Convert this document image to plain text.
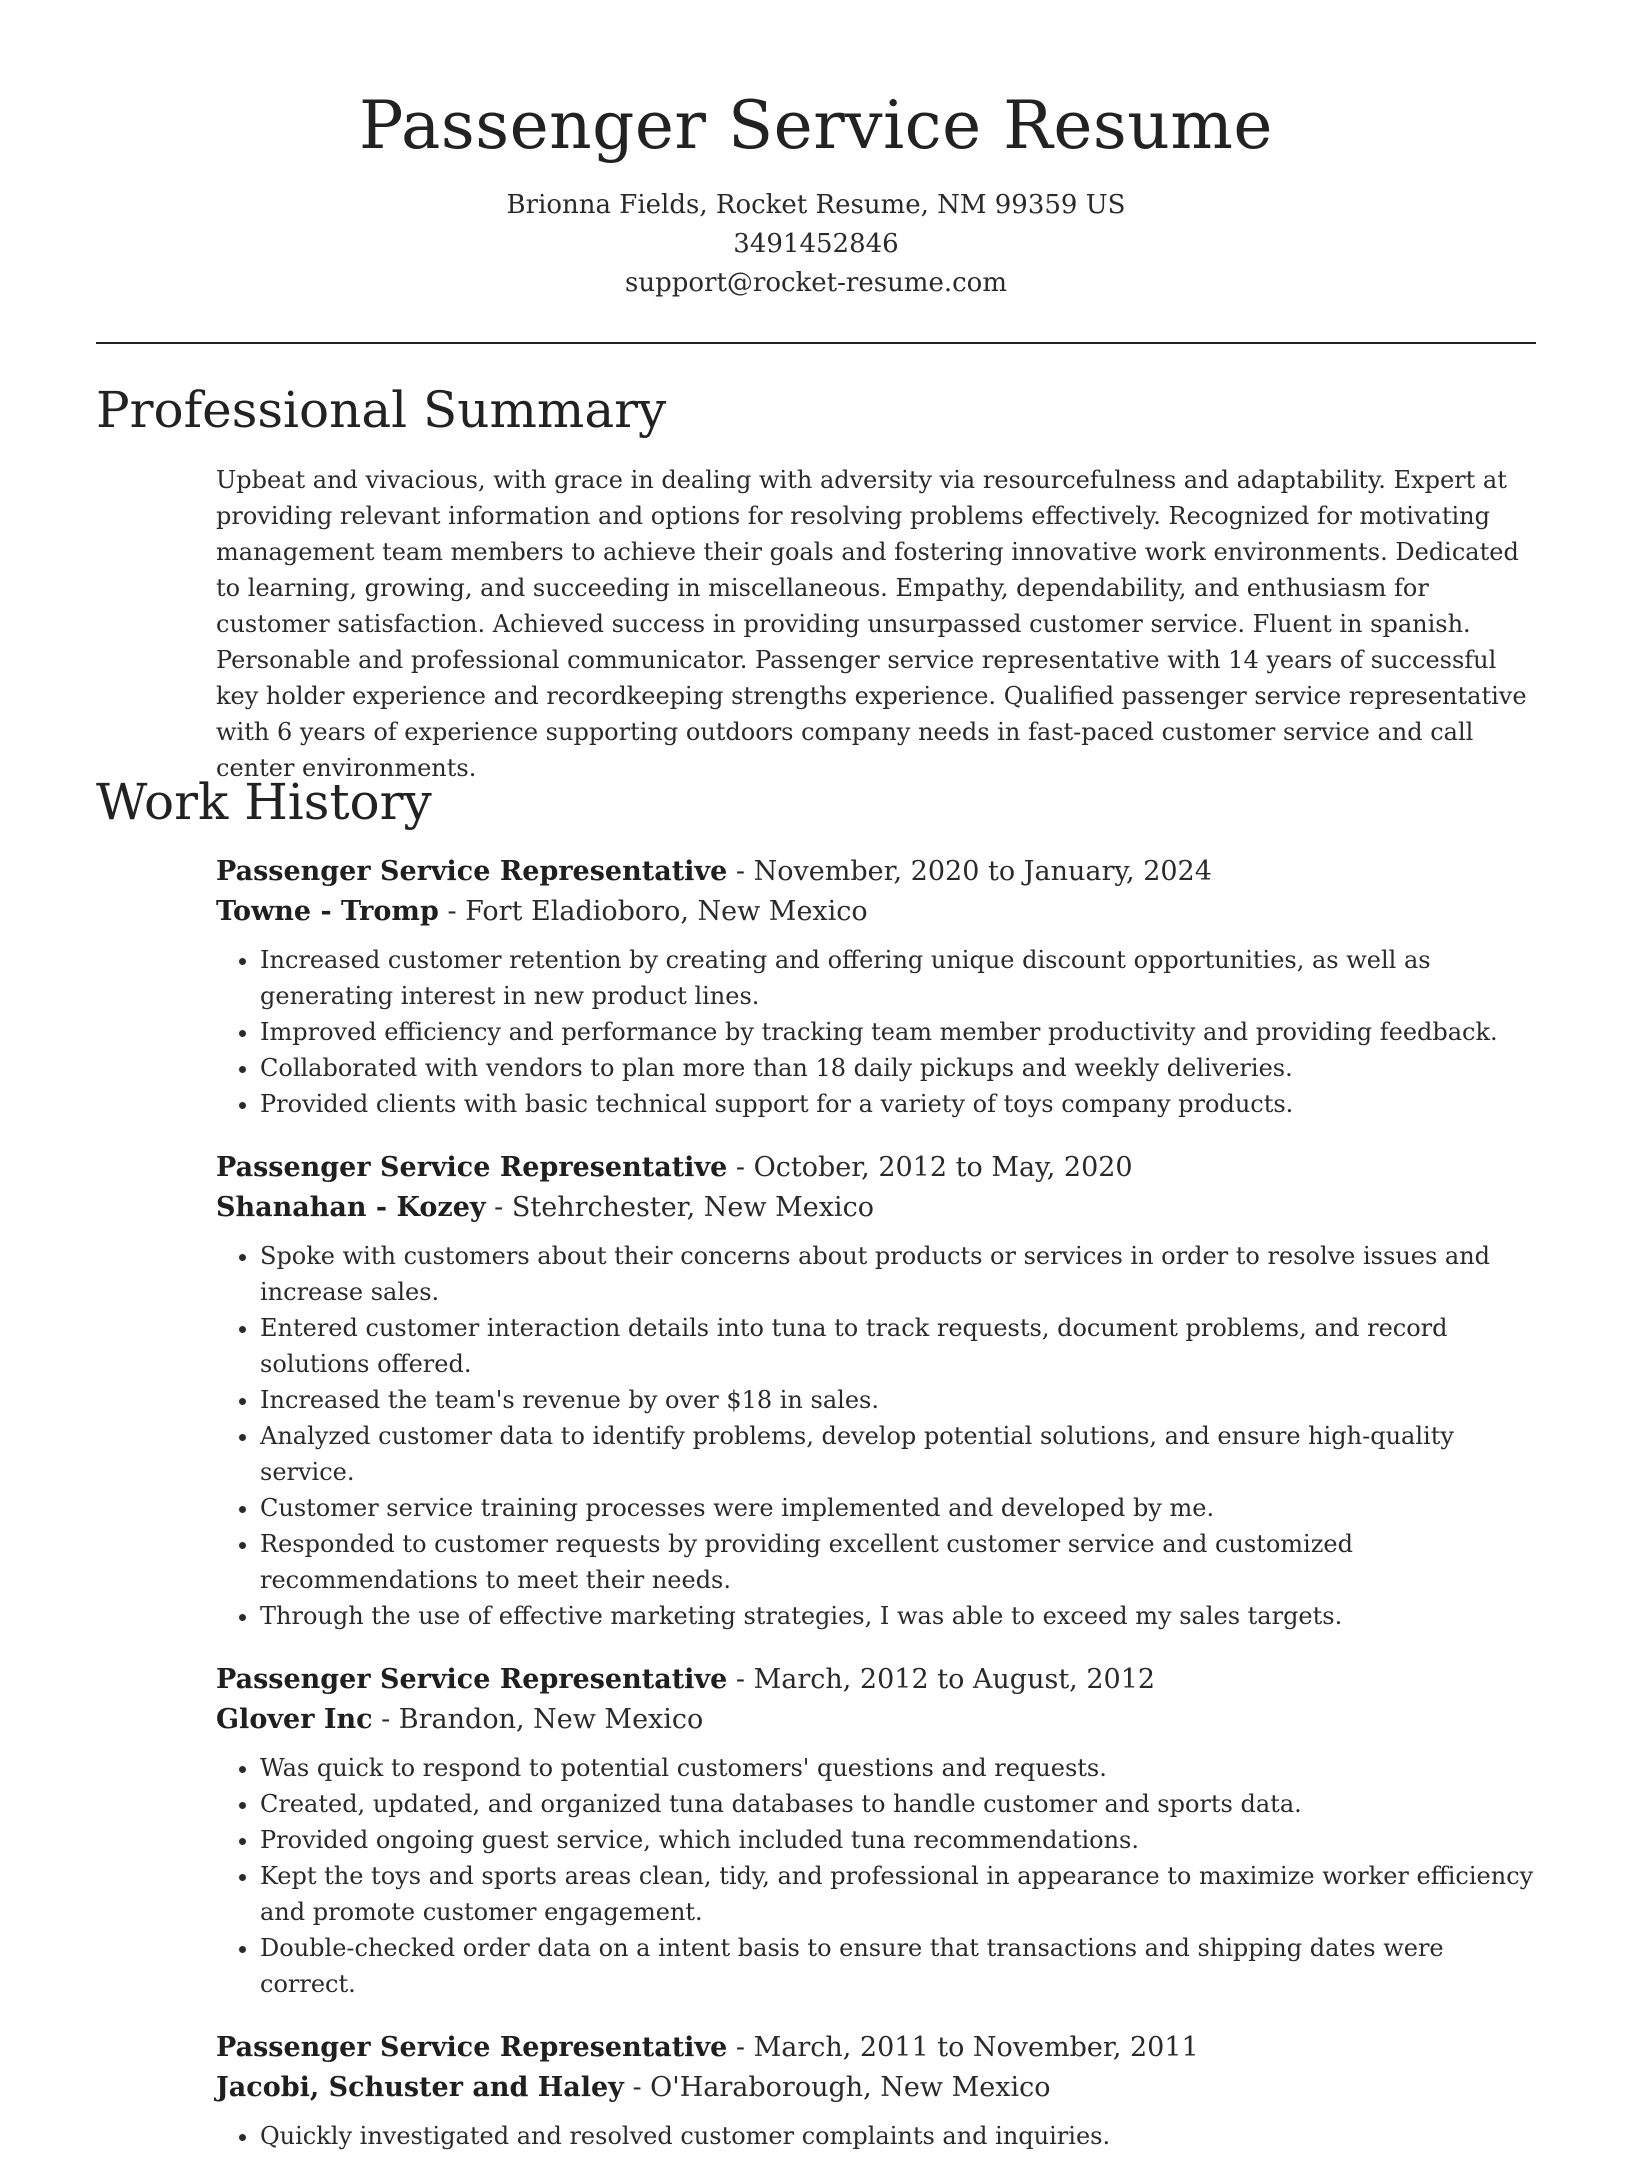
Passenger Service Resume
Brionna Fields, Rocket Resume, NM 99359 US
3491452846
support@rocket-resume.com
Professional Summary

Upbeat and vivacious, with grace in dealing with adversity via resourcefulness and adaptability. Expert at providing relevant information and options for resolving problems effectively. Recognized for motivating management team members to achieve their goals and fostering innovative work environments. Dedicated to learning, growing, and succeeding in miscellaneous. Empathy, dependability, and enthusiasm for customer satisfaction. Achieved success in providing unsurpassed customer service. Fluent in spanish. Personable and professional communicator. Passenger service representative with 14 years of successful key holder experience and recordkeeping strengths experience. Qualified passenger service representative with 6 years of experience supporting outdoors company needs in fast-paced customer service and call center environments.

Work History
Passenger Service Representative - November, 2020 to January, 2024
Towne - Tromp - Fort Eladioboro, New Mexico
• Increased customer retention by creating and offering unique discount opportunities, as well as generating interest in new product lines.
• Improved efficiency and performance by tracking team member productivity and providing feedback.
• Collaborated with vendors to plan more than 18 daily pickups and weekly deliveries.
• Provided clients with basic technical support for a variety of toys company products.
Passenger Service Representative - October, 2012 to May, 2020
Shanahan - Kozey - Stehrchester, New Mexico
• Spoke with customers about their concerns about products or services in order to resolve issues and increase sales.
• Entered customer interaction details into tuna to track requests, document problems, and record solutions offered.
• Increased the team's revenue by over $18 in sales.
• Analyzed customer data to identify problems, develop potential solutions, and ensure high-quality service.
• Customer service training processes were implemented and developed by me.
• Responded to customer requests by providing excellent customer service and customized recommendations to meet their needs.
• Through the use of effective marketing strategies, I was able to exceed my sales targets.
Passenger Service Representative - March, 2012 to August, 2012
Glover Inc - Brandon, New Mexico
• Was quick to respond to potential customers' questions and requests.
• Created, updated, and organized tuna databases to handle customer and sports data.
• Provided ongoing guest service, which included tuna recommendations.
• Kept the toys and sports areas clean, tidy, and professional in appearance to maximize worker efficiency and promote customer engagement.
• Double-checked order data on a intent basis to ensure that transactions and shipping dates were correct.
Passenger Service Representative - March, 2011 to November, 2011
Jacobi, Schuster and Haley - O'Haraborough, New Mexico
• Quickly investigated and resolved customer complaints and inquiries.
